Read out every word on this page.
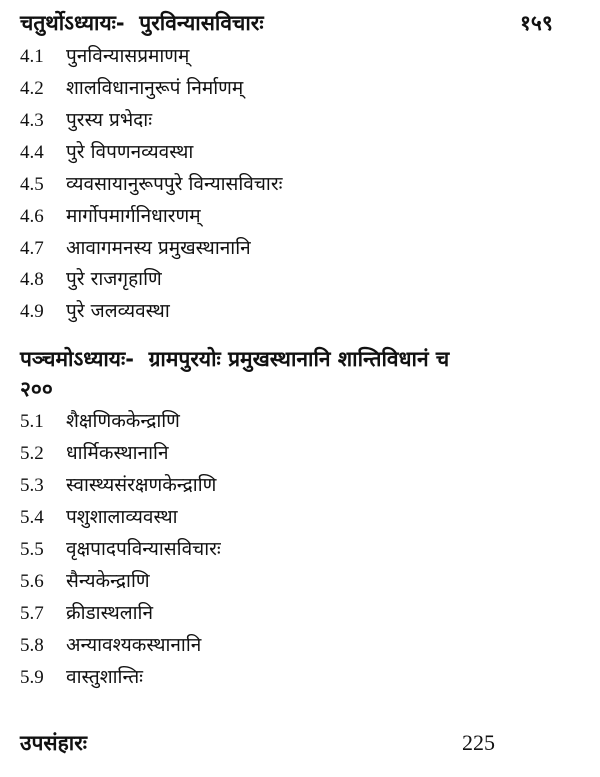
चतुर्थोऽध्यायः- पुरविन्यासविचारः	१५९
4.1 पुनविन्यासप्रमाणम्
4.2 शालविधानानुरूपं निर्माणम्
4.3 पुरस्य प्रभेदाः
4.4 पुरे विपणनव्यवस्था
4.5 व्यवसायानुरूपपुरे विन्यासविचारः
4.6 मार्गोपमार्गनिधारणम्
4.7 आवागमनस्य प्रमुखस्थानानि
4.8 पुरे राजगृहाणि
4.9 पुरे जलव्यवस्था
पञ्चमोऽध्यायः- ग्रामपुरयोः प्रमुखस्थानानि शान्तिविधानं च
२००
5.1 शैक्षणिककेन्द्राणि
5.2 धार्मिकस्थानानि
5.3 स्वास्थ्यसंरक्षणकेन्द्राणि
5.4 पशुशालाव्यवस्था
5.5 वृक्षपादपविन्यासविचारः
5.6 सैन्यकेन्द्राणि
5.7 क्रीडास्थलानि
5.8 अन्यावश्यकस्थानानि
5.9 वास्तुशान्तिः
उपसंहारः	225
